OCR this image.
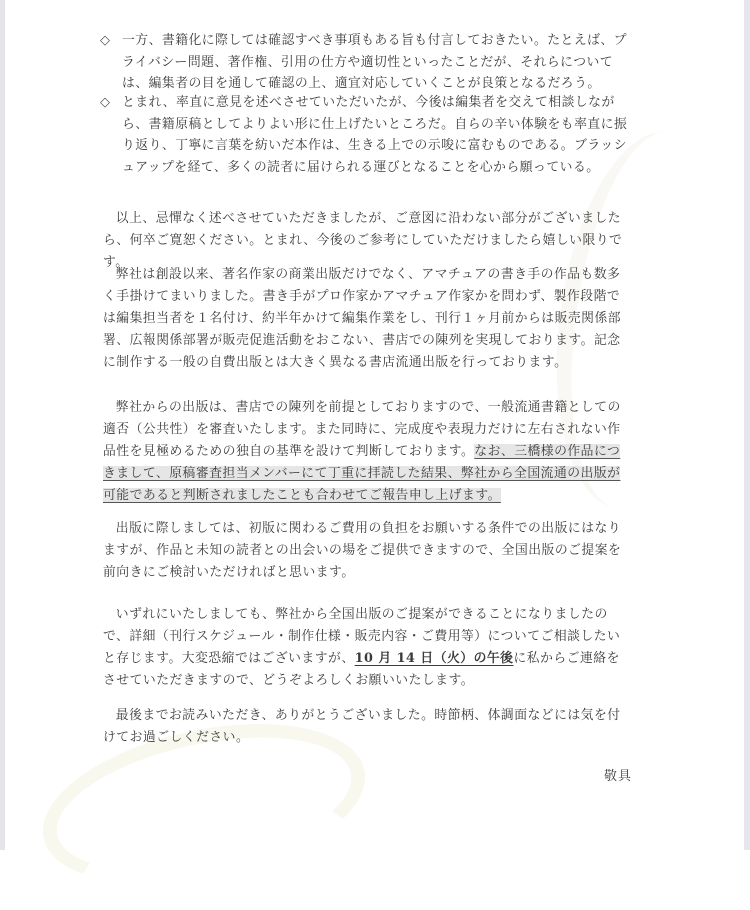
◇ 一方、書籍化に際しては確認すべき事項もある旨も付言しておきたい。たとえば、プライバシー問題、著作権、引用の仕方や適切性といったことだが、それらについては、編集者の目を通して確認の上、適宜対応していくことが良策となるだろう。
◇ とまれ、率直に意見を述べさせていただいたが、今後は編集者を交えて相談しながら、書籍原稿としてよりよい形に仕上げたいところだ。自らの辛い体験をも率直に振り返り、丁寧に言葉を紡いだ本作は、生きる上での示唆に富むものである。ブラッシュアップを経て、多くの読者に届けられる運びとなることを心から願っている。

以上、忌憚なく述べさせていただきましたが、ご意図に沿わない部分がございましたら、何卒ご寛恕ください。とまれ、今後のご参考にしていただけましたら嬉しい限りです。

弊社は創設以来、著名作家の商業出版だけでなく、アマチュアの書き手の作品も数多く手掛けてまいりました。書き手がプロ作家かアマチュア作家かを問わず、製作段階では編集担当者を１名付け、約半年かけて編集作業をし、刊行１ヶ月前からは販売関係部署、広報関係部署が販売促進活動をおこない、書店での陳列を実現しております。記念に制作する一般の自費出版とは大きく異なる書店流通出版を行っております。

弊社からの出版は、書店での陳列を前提としておりますので、一般流通書籍としての適否（公共性）を審査いたします。また同時に、完成度や表現力だけに左右されない作品性を見極めるための独自の基準を設けて判断しております。なお、三橋様の作品につきまして、原稿審査担当メンバーにて丁重に拝読した結果、弊社から全国流通の出版が可能であると判断されましたことも合わせてご報告申し上げます。

出版に際しましては、初版に関わるご費用の負担をお願いする条件での出版にはなりますが、作品と未知の読者との出会いの場をご提供できますので、全国出版のご提案を前向きにご検討いただければと思います。

いずれにいたしましても、弊社から全国出版のご提案ができることになりましたので、詳細（刊行スケジュール・制作仕様・販売内容・ご費用等）についてご相談したいと存じます。大変恐縮ではございますが、10 月 14 日（火）の午後に私からご連絡をさせていただきますので、どうぞよろしくお願いいたします。

最後までお読みいただき、ありがとうございました。時節柄、体調面などには気を付けてお過ごしください。

敬具
